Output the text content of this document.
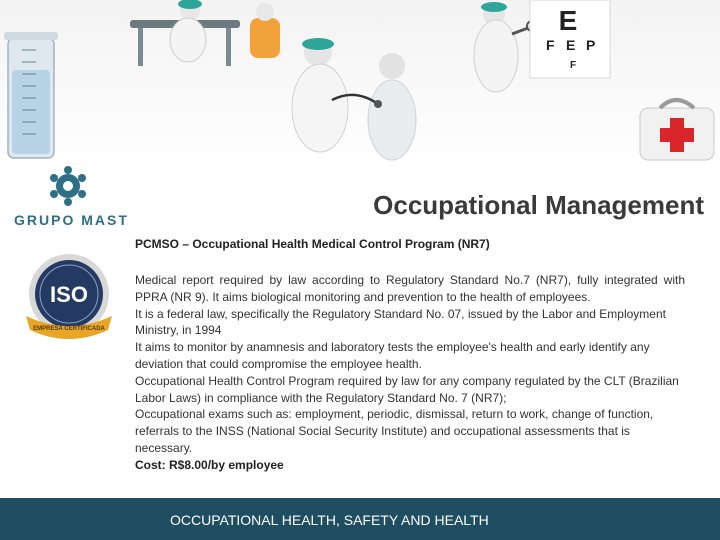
E
F E P
F
GRUPO MAST
ISO
EMPRESA CERTIFICADA
Occupational Management
PCMSO – Occupational Health Medical Control Program (NR7)

Medical report required by law according to Regulatory Standard No.7 (NR7), fully integrated with PPRA (NR 9). It aims biological monitoring and prevention to the health of employees.

It is a federal law, specifically the Regulatory Standard No. 07, issued by the Labor and Employment Ministry, in 1994

It aims to monitor by anamnesis and laboratory tests the employee's health and early identify any deviation that could compromise the employee health.

Occupational Health Control Program required by law for any company regulated by the CLT (Brazilian Labor Laws) in compliance with the Regulatory Standard No. 7 (NR7);

Occupational exams such as: employment, periodic, dismissal, return to work, change of function, referrals to the INSS (National Social Security Institute) and occupational assessments that is necessary.

Cost: R$8.00/by employee

OCCUPATIONAL HEALTH, SAFETY AND HEALTH
